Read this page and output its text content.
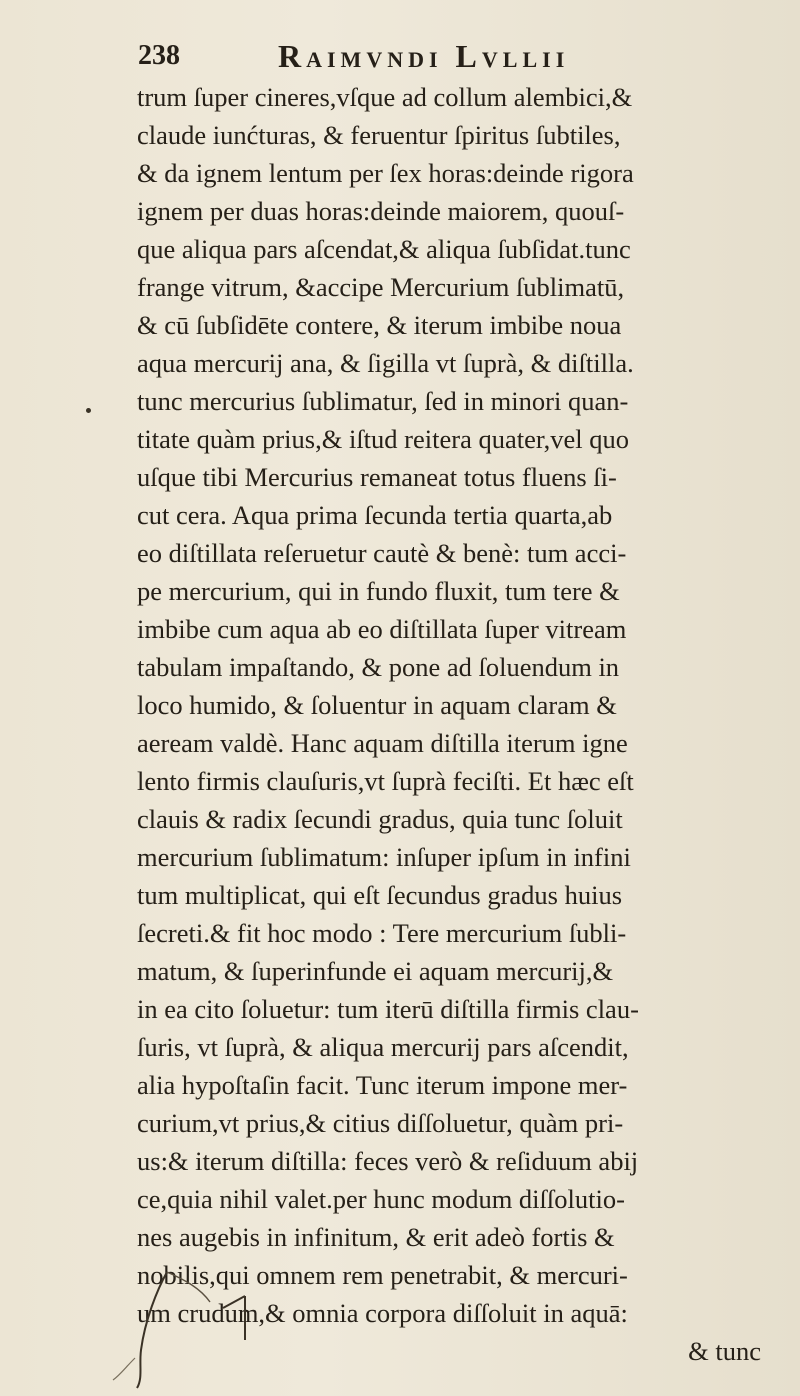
238	Raimvndi Lvllii
trum ſuper cineres,vſque ad collum alembici,&
claude iunćturas, & feruentur ſpiritus ſubtiles,
& da ignem lentum per ſex horas:deinde rigora
ignem per duas horas:deinde maiorem, quouſ-
que aliqua pars aſcendat,& aliqua ſubſidat.tunc
frange vitrum, &accipe Mercurium ſublimatū,
& cū ſubſidēte contere, & iterum imbibe noua
aqua mercurij ana, & ſigilla vt ſuprà, & diſtilla.
tunc mercurius ſublimatur, ſed in minori quan-
titate quàm prius,& iſtud reitera quater,vel quo
uſque tibi Mercurius remaneat totus fluens ſi-
cut cera. Aqua prima ſecunda tertia quarta,ab
eo diſtillata reſeruetur cautè & benè: tum acci-
pe mercurium, qui in fundo fluxit, tum tere &
imbibe cum aqua ab eo diſtillata ſuper vitream
tabulam impaſtando, & pone ad ſoluendum in
loco humido, & ſoluentur in aquam claram &
aeream valdè. Hanc aquam diſtilla iterum igne
lento firmis clauſuris,vt ſuprà feciſti. Et hæc eſt
clauis & radix ſecundi gradus, quia tunc ſoluit
mercurium ſublimatum: inſuper ipſum in infini
tum multiplicat, qui eſt ſecundus gradus huius
ſecreti.& fit hoc modo : Tere mercurium ſubli-
matum, & ſuperinfunde ei aquam mercurij,&
in ea cito ſoluetur: tum iterū diſtilla firmis clau-
ſuris, vt ſuprà, & aliqua mercurij pars aſcendit,
alia hypoſtaſin facit. Tunc iterum impone mer-
curium,vt prius,& citius diſſoluetur, quàm pri-
us:& iterum diſtilla: feces verò & reſiduum abij
ce,quia nihil valet.per hunc modum diſſolutio-
nes augebis in infinitum, & erit adeò fortis &
nobilis,qui omnem rem penetrabit, & mercuri-
um crudum,& omnia corpora diſſoluit in aquā:
& tunc
